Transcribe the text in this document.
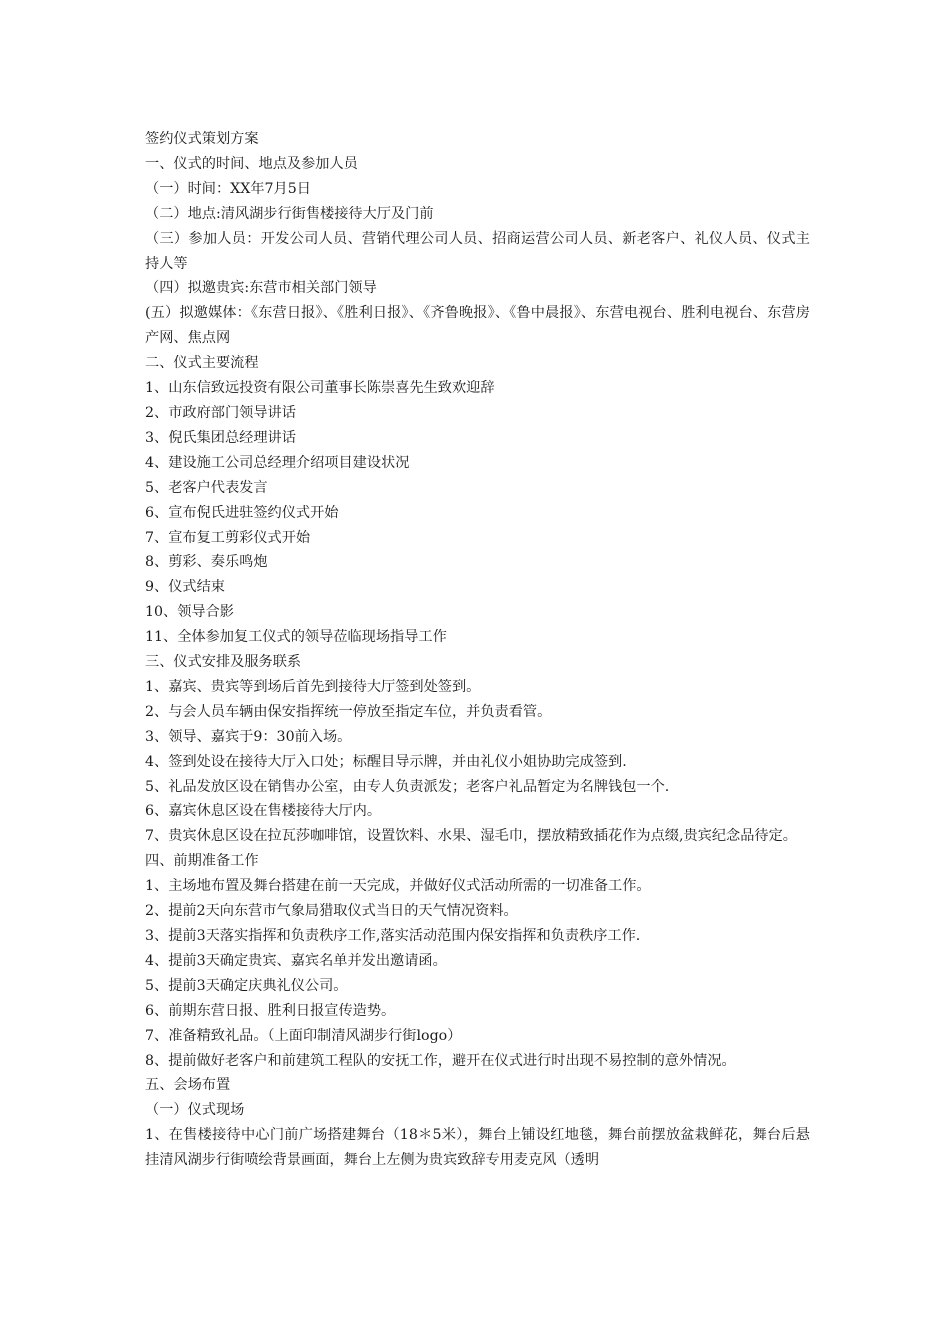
签约仪式策划方案

一、仪式的时间、地点及参加人员

（一）时间：XX年7月5日

（二）地点:清风湖步行街售楼接待大厅及门前

（三）参加人员：开发公司人员、营销代理公司人员、招商运营公司人员、新老客户、礼仪人员、仪式主持人等

（四）拟邀贵宾:东营市相关部门领导

(五）拟邀媒体：《东营日报》、《胜利日报》、《齐鲁晚报》、《鲁中晨报》、东营电视台、胜利电视台、东营房产网、焦点网

二、仪式主要流程

1、山东信致远投资有限公司董事长陈崇喜先生致欢迎辞

2、市政府部门领导讲话

3、倪氏集团总经理讲话

4、建设施工公司总经理介绍项目建设状况

5、老客户代表发言

6、宣布倪氏进驻签约仪式开始

7、宣布复工剪彩仪式开始

8、剪彩、奏乐鸣炮

9、仪式结束

10、领导合影

11、全体参加复工仪式的领导莅临现场指导工作

三、仪式安排及服务联系

1、嘉宾、贵宾等到场后首先到接待大厅签到处签到。

2、与会人员车辆由保安指挥统一停放至指定车位，并负责看管。

3、领导、嘉宾于9：30前入场。

4、签到处设在接待大厅入口处；标醒目导示牌，并由礼仪小姐协助完成签到.

5、礼品发放区设在销售办公室，由专人负责派发；老客户礼品暂定为名牌钱包一个.

6、嘉宾休息区设在售楼接待大厅内。

7、贵宾休息区设在拉瓦莎咖啡馆，设置饮料、水果、湿毛巾，摆放精致插花作为点缀,贵宾纪念品待定。

四、前期准备工作

1、主场地布置及舞台搭建在前一天完成，并做好仪式活动所需的一切准备工作。

2、提前2天向东营市气象局猎取仪式当日的天气情况资料。

3、提前3天落实指挥和负责秩序工作,落实活动范围内保安指挥和负责秩序工作.

4、提前3天确定贵宾、嘉宾名单并发出邀请函。

5、提前3天确定庆典礼仪公司。

6、前期东营日报、胜利日报宣传造势。

7、准备精致礼品。（上面印制清风湖步行街logo）

8、提前做好老客户和前建筑工程队的安抚工作，避开在仪式进行时出现不易控制的意外情况。

五、会场布置

（一）仪式现场

1、在售楼接待中心门前广场搭建舞台（18＊5米），舞台上铺设红地毯，舞台前摆放盆栽鲜花，舞台后悬挂清风湖步行街喷绘背景画面，舞台上左侧为贵宾致辞专用麦克风（透明
